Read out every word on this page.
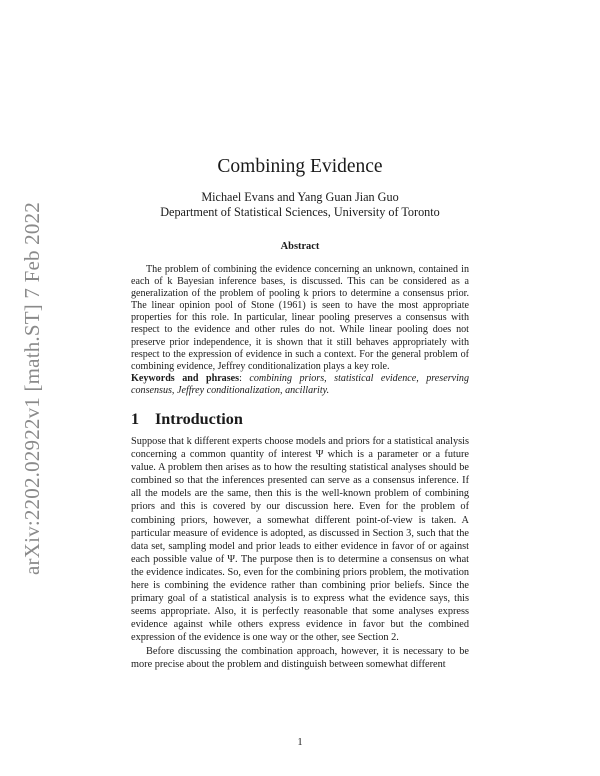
arXiv:2202.02922v1 [math.ST] 7 Feb 2022
Combining Evidence
Michael Evans and Yang Guan Jian Guo
Department of Statistical Sciences, University of Toronto
Abstract

The problem of combining the evidence concerning an unknown, contained in each of k Bayesian inference bases, is discussed. This can be considered as a generalization of the problem of pooling k priors to determine a consensus prior. The linear opinion pool of Stone (1961) is seen to have the most appropriate properties for this role. In particular, linear pooling preserves a consensus with respect to the evidence and other rules do not. While linear pooling does not preserve prior independence, it is shown that it still behaves appropriately with respect to the expression of evidence in such a context. For the general problem of combining evidence, Jeffrey conditionalization plays a key role.

Keywords and phrases: combining priors, statistical evidence, preserving consensus, Jeffrey conditionalization, ancillarity.
1 Introduction

Suppose that k different experts choose models and priors for a statistical analysis concerning a common quantity of interest Ψ which is a parameter or a future value. A problem then arises as to how the resulting statistical analyses should be combined so that the inferences presented can serve as a consensus inference. If all the models are the same, then this is the well-known problem of combining priors and this is covered by our discussion here. Even for the problem of combining priors, however, a somewhat different point-of-view is taken. A particular measure of evidence is adopted, as discussed in Section 3, such that the data set, sampling model and prior leads to either evidence in favor of or against each possible value of Ψ. The purpose then is to determine a consensus on what the evidence indicates. So, even for the combining priors problem, the motivation here is combining the evidence rather than combining prior beliefs. Since the primary goal of a statistical analysis is to express what the evidence says, this seems appropriate. Also, it is perfectly reasonable that some analyses express evidence against while others express evidence in favor but the combined expression of the evidence is one way or the other, see Section 2.

Before discussing the combination approach, however, it is necessary to be more precise about the problem and distinguish between somewhat different

1
